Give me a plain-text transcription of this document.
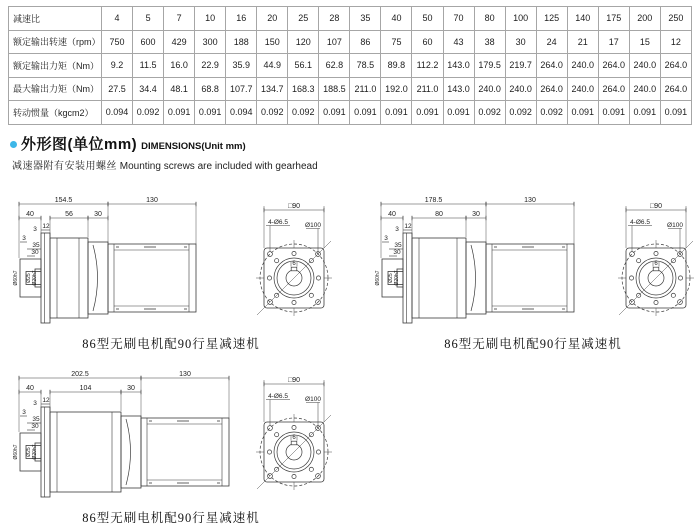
减速比	4	5	7	10	16	20	25	28	35	40	50	70	80	100	125	140	175	200	250
额定输出转速（rpm）	750	600	429	300	188	150	120	107	86	75	60	43	38	30	24	21	17	15	12
额定输出力矩（Nm）	9.2	11.5	16.0	22.9	35.9	44.9	56.1	62.8	78.5	89.8	112.2	143.0	179.5	219.7	264.0	240.0	264.0	240.0	264.0
最大输出力矩（Nm）	27.5	34.4	48.1	68.8	107.7	134.7	168.3	188.5	211.0	192.0	211.0	143.0	240.0	240.0	264.0	240.0	264.0	240.0	264.0
转动惯量（kgcm2）	0.094	0.092	0.091	0.091	0.094	0.092	0.092	0.091	0.091	0.091	0.091	0.091	0.092	0.092	0.092	0.091	0.091	0.091	0.091
外形图(单位mm) DIMENSIONS(Unit mm)
减速器附有安装用螺丝 Mounting screws are included with gearhead
Ø60h7 Ø25 Ø20h7
154.5	130
40	56	30
12
3
3
35
30
6
□90
4-Ø6.5	Ø100
86型无刷电机配90行星减速机
Ø60h7 Ø25 Ø20h7
178.5	130
40	80	30
12
3
3
35
30
6
□90
4-Ø6.5	Ø100
86型无刷电机配90行星减速机
Ø60h7 Ø25 Ø20h7
202.5	130
40	104	30
12
3
3
35
30
6
□90
4-Ø6.5	Ø100
86型无刷电机配90行星减速机
